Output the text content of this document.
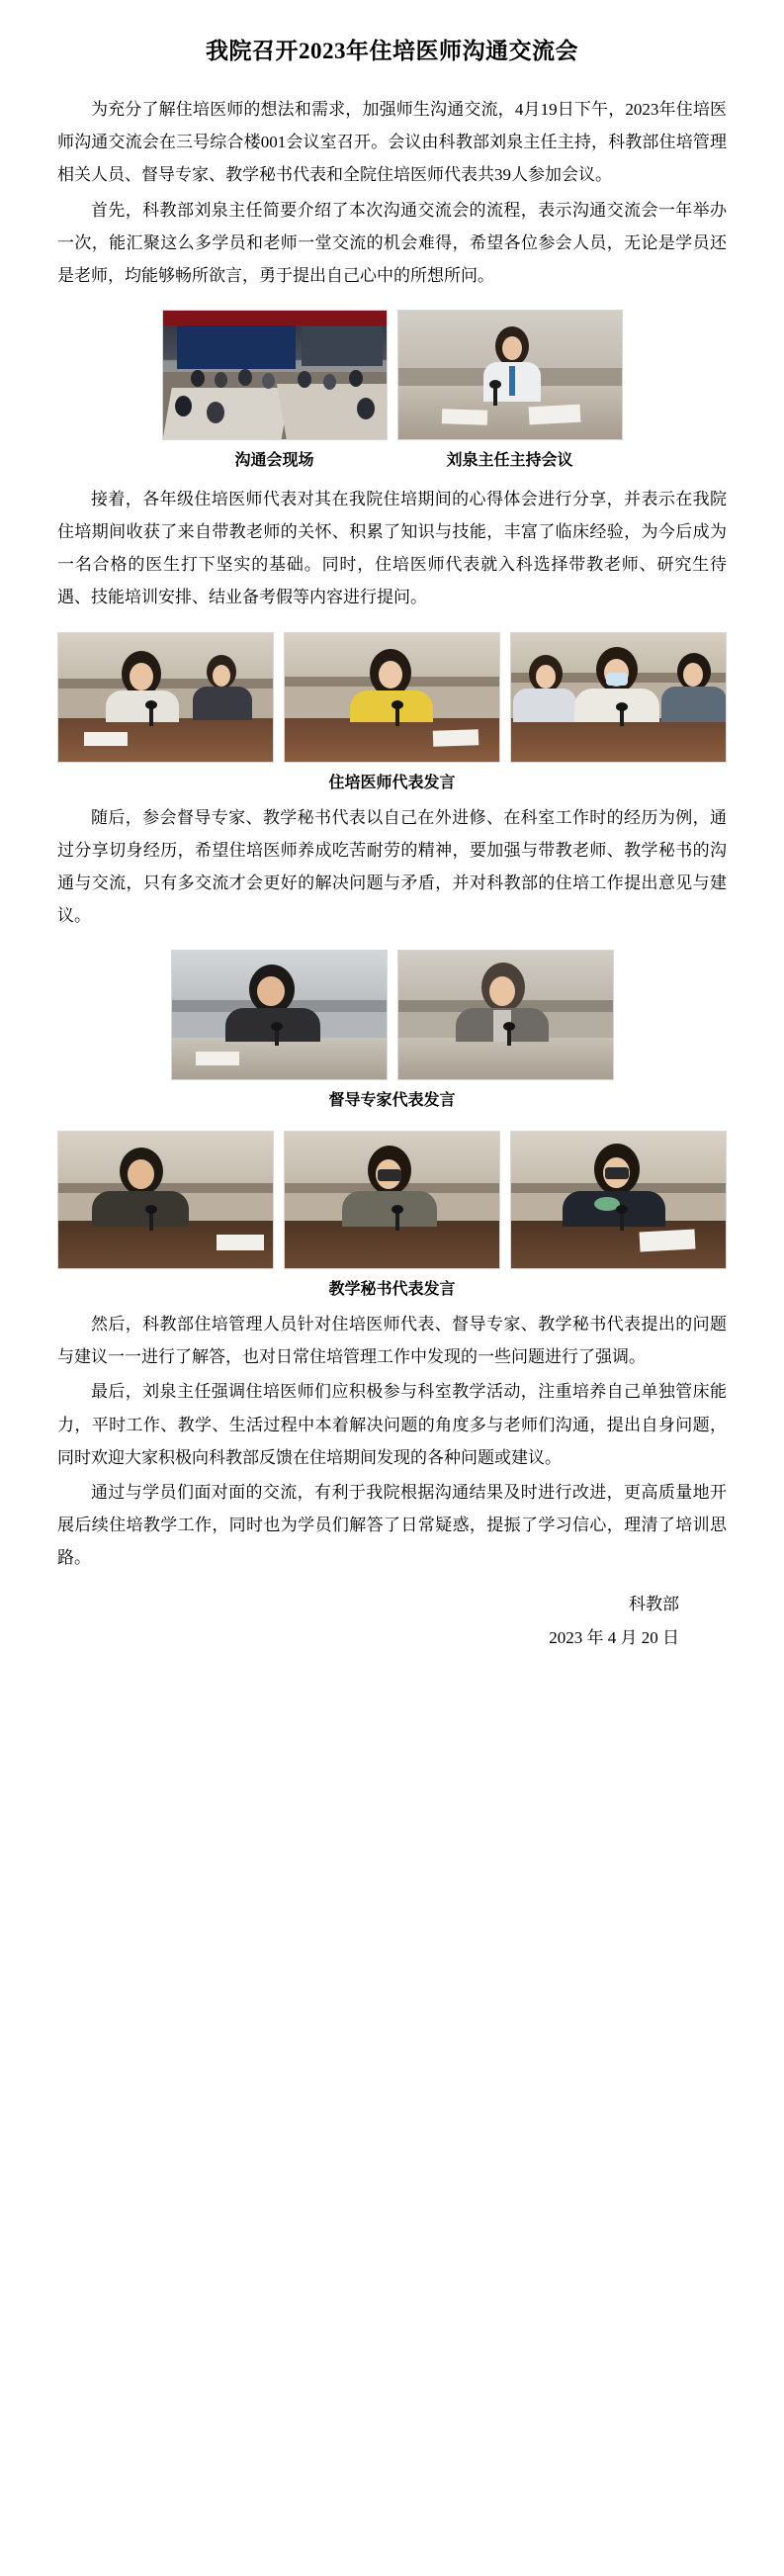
我院召开2023年住培医师沟通交流会

为充分了解住培医师的想法和需求，加强师生沟通交流，4月19日下午，2023年住培医师沟通交流会在三号综合楼001会议室召开。会议由科教部刘泉主任主持，科教部住培管理相关人员、督导专家、教学秘书代表和全院住培医师代表共39人参加会议。

首先，科教部刘泉主任简要介绍了本次沟通交流会的流程，表示沟通交流会一年举办一次，能汇聚这么多学员和老师一堂交流的机会难得，希望各位参会人员，无论是学员还是老师，均能够畅所欲言，勇于提出自己心中的所想所问。

沟通会现场	刘泉主任主持会议

接着，各年级住培医师代表对其在我院住培期间的心得体会进行分享，并表示在我院住培期间收获了来自带教老师的关怀、积累了知识与技能，丰富了临床经验，为今后成为一名合格的医生打下坚实的基础。同时，住培医师代表就入科选择带教老师、研究生待遇、技能培训安排、结业备考假等内容进行提问。

住培医师代表发言

随后，参会督导专家、教学秘书代表以自己在外进修、在科室工作时的经历为例，通过分享切身经历，希望住培医师养成吃苦耐劳的精神，要加强与带教老师、教学秘书的沟通与交流，只有多交流才会更好的解决问题与矛盾，并对科教部的住培工作提出意见与建议。

督导专家代表发言
教学秘书代表发言

然后，科教部住培管理人员针对住培医师代表、督导专家、教学秘书代表提出的问题与建议一一进行了解答，也对日常住培管理工作中发现的一些问题进行了强调。

最后，刘泉主任强调住培医师们应积极参与科室教学活动，注重培养自己单独管床能力，平时工作、教学、生活过程中本着解决问题的角度多与老师们沟通，提出自身问题，同时欢迎大家积极向科教部反馈在住培期间发现的各种问题或建议。

通过与学员们面对面的交流，有利于我院根据沟通结果及时进行改进，更高质量地开展后续住培教学工作，同时也为学员们解答了日常疑惑，提振了学习信心，理清了培训思路。

科教部
2023 年 4 月 20 日
